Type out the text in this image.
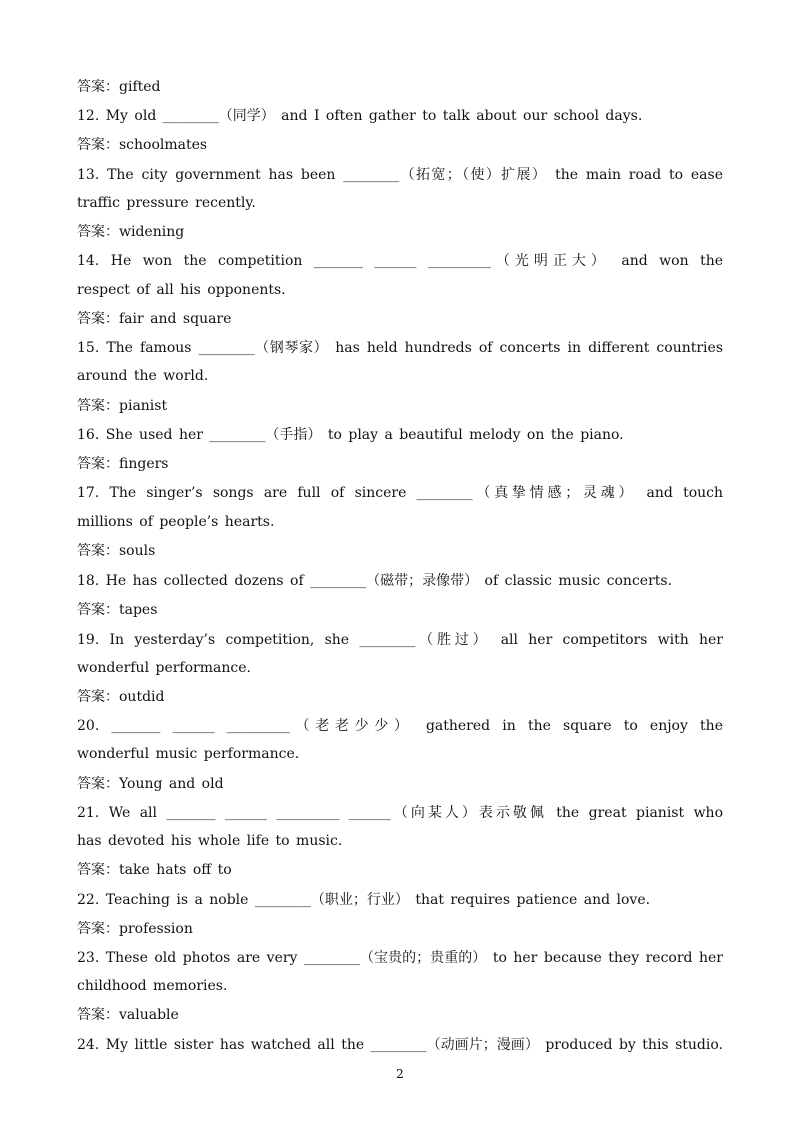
答案：gifted
12. My old ________（同学） and I often gather to talk about our school days.
答案：schoolmates
13. The city government has been ________（拓宽；（使）扩展） the main road to ease
traffic pressure recently.
答案：widening
14. He won the competition _______ ______ _________（光明正大） and won the
respect of all his opponents.
答案：fair and square
15. The famous ________（钢琴家） has held hundreds of concerts in different countries
around the world.
答案：pianist
16. She used her ________（手指） to play a beautiful melody on the piano.
答案：fingers
17. The singer’s songs are full of sincere ________（真挚情感；灵魂） and touch
millions of people’s hearts.
答案：souls
18. He has collected dozens of ________（磁带；录像带） of classic music concerts.
答案：tapes
19. In yesterday’s competition, she ________（胜过） all her competitors with her
wonderful performance.
答案：outdid
20. _______ ______ _________（老老少少） gathered in the square to enjoy the
wonderful music performance.
答案：Young and old
21. We all _______ ______ _________ ______（向某人）表示敬佩 the great pianist who
has devoted his whole life to music.
答案：take hats off to
22. Teaching is a noble ________（职业；行业） that requires patience and love.
答案：profession
23. These old photos are very ________（宝贵的；贵重的） to her because they record her
childhood memories.
答案：valuable
24. My little sister has watched all the ________（动画片；漫画） produced by this studio.
2
